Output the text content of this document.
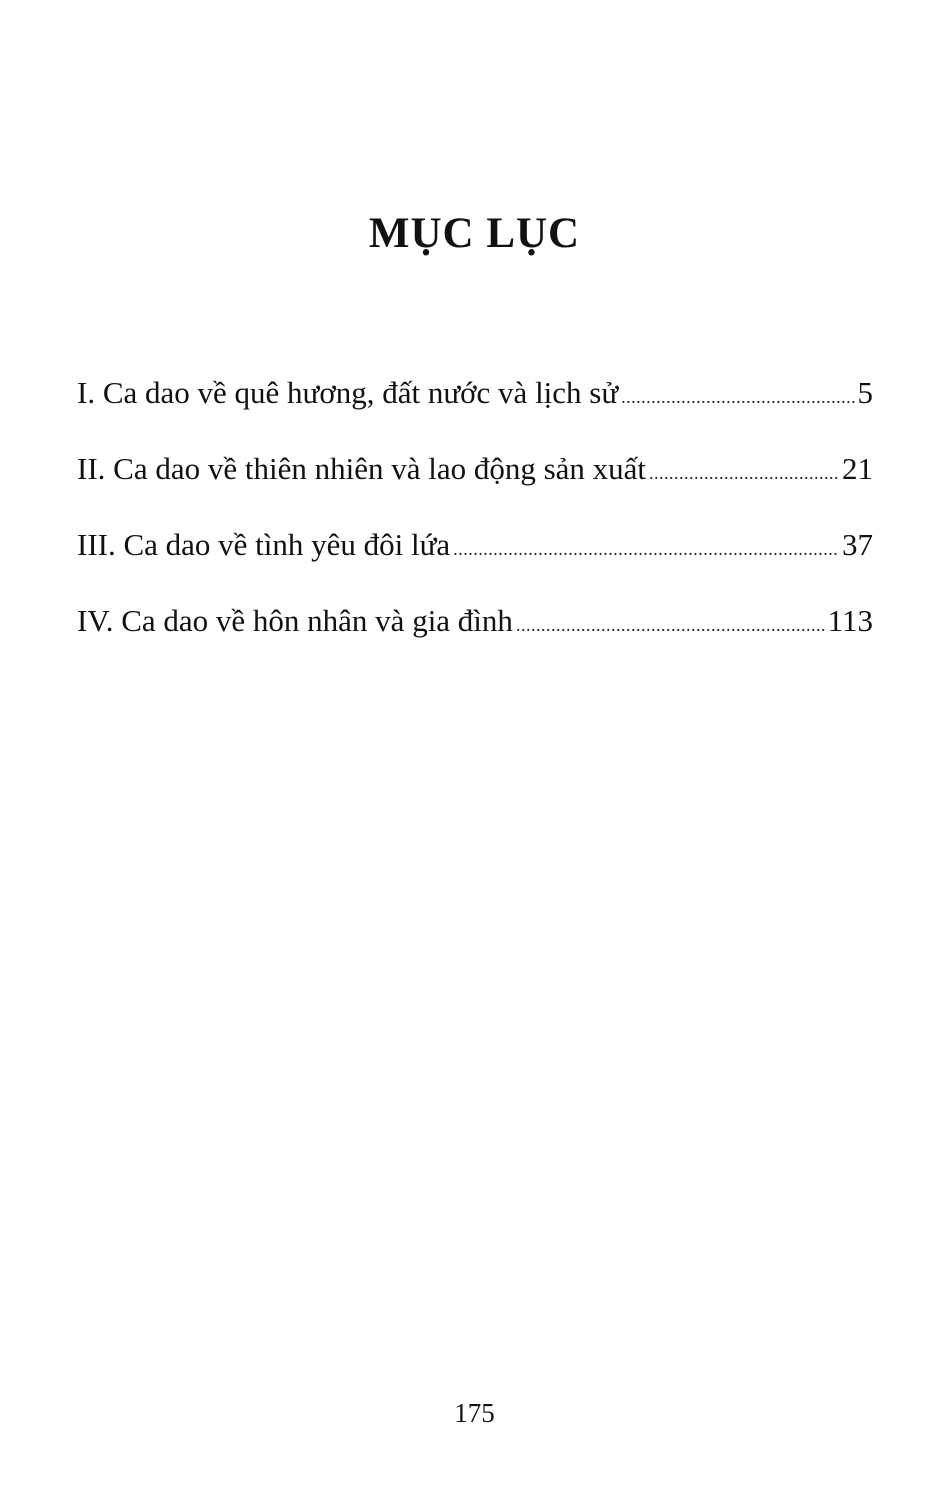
MỤC LỤC
I. Ca dao về quê hương, đất nước và lịch sử .....	5
II. Ca dao về thiên nhiên và lao động sản xuất .....	21
III. Ca dao về tình yêu đôi lứa .....	37
IV. Ca dao về hôn nhân và gia đình .....	113
175
